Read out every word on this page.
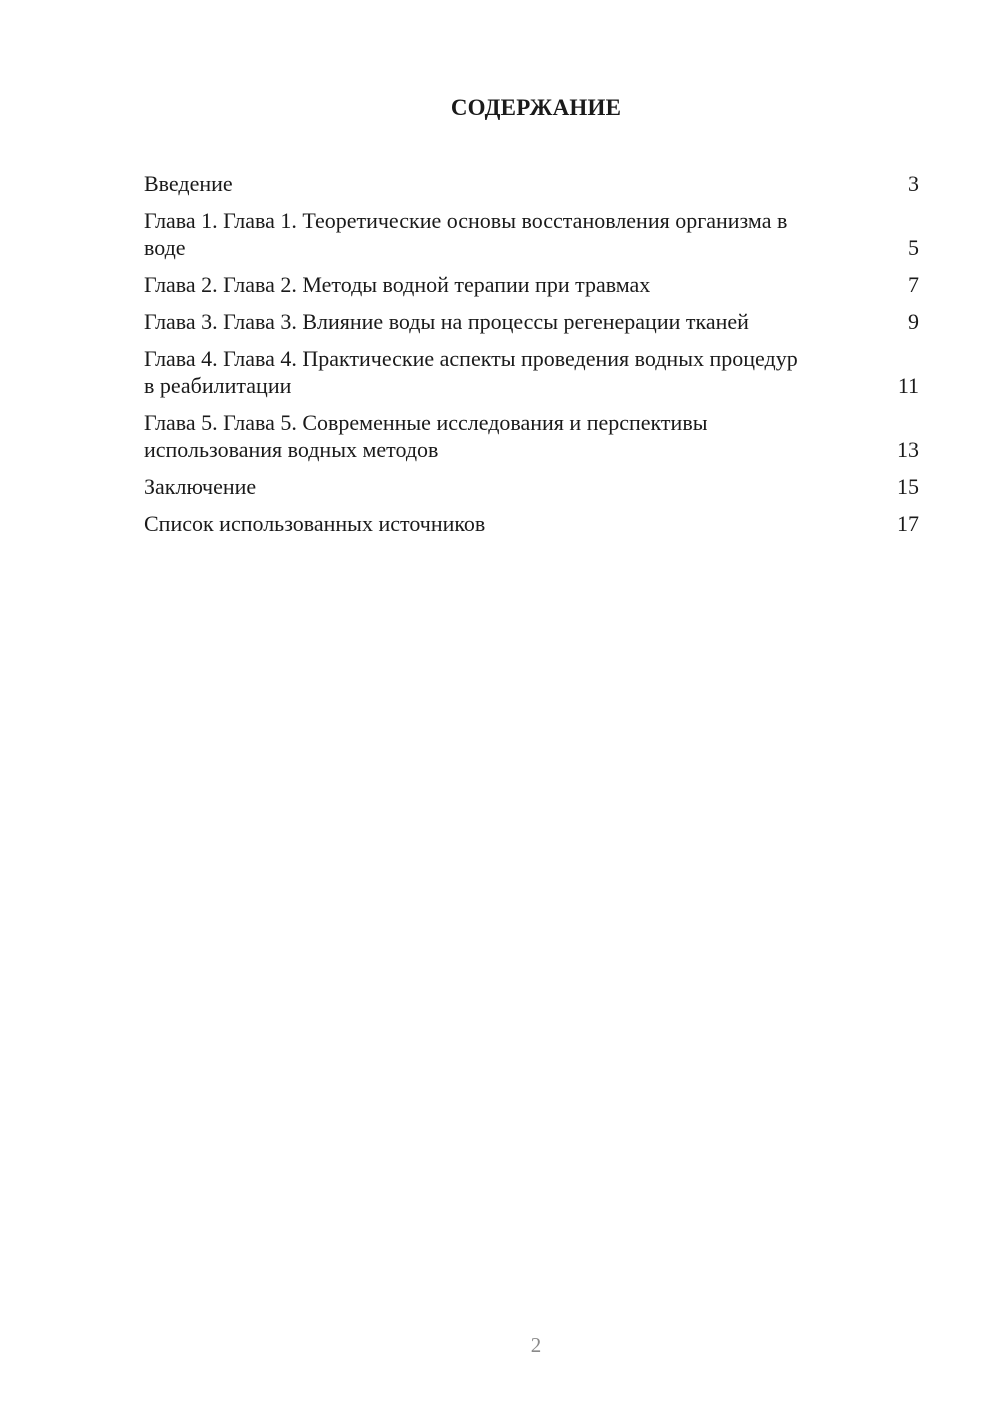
СОДЕРЖАНИЕ
Введение	3
Глава 1. Глава 1. Теоретические основы восстановления организма в воде	5
Глава 2. Глава 2. Методы водной терапии при травмах	7
Глава 3. Глава 3. Влияние воды на процессы регенерации тканей	9
Глава 4. Глава 4. Практические аспекты проведения водных процедур в реабилитации	11
Глава 5. Глава 5. Современные исследования и перспективы использования водных методов	13
Заключение	15
Список использованных источников	17
2
